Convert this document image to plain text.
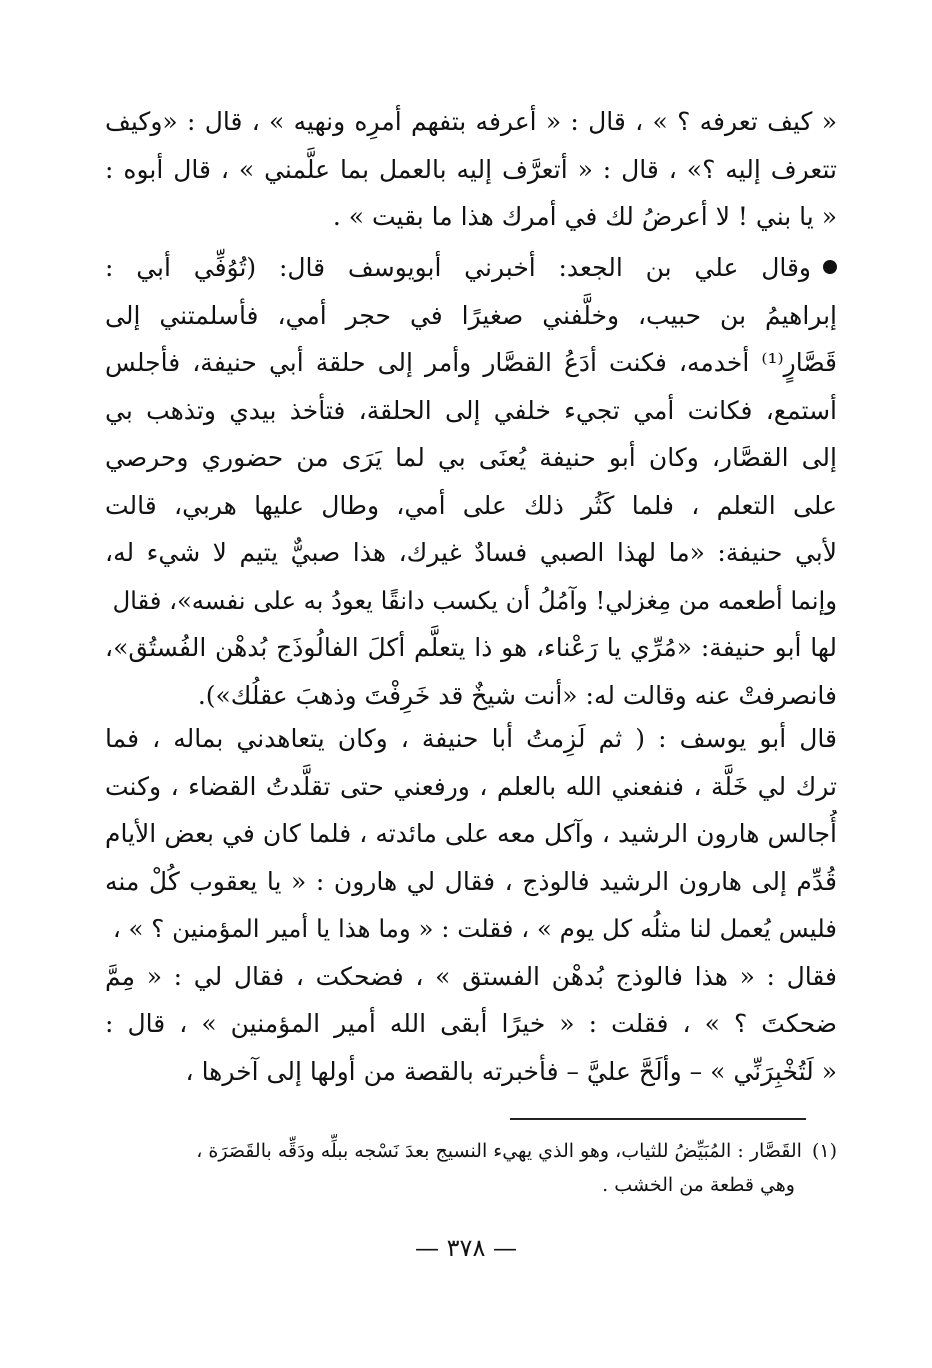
« كيف تعرفه ؟ » ، قال : « أعرفه بتفهم أمرِه ونهيه » ، قال : «وكيف
تتعرف إليه ؟» ، قال : « أتعرَّف إليه بالعمل بما علَّمني » ، قال أبوه :
« يا بني ! لا أعرضُ لك في أمرك هذا ما بقيت » .
وقال علي بن الجعد: أخبرني أبويوسف قال: (تُوُفِّي أبي :
إبراهيمُ بن حبيب، وخلَّفني صغيرًا في حجر أمي، فأسلمتني إلى
قَصَّارٍ⁽¹⁾ أخدمه، فكنت أدَعُ القصَّار وأمر إلى حلقة أبي حنيفة، فأجلس
أستمع، فكانت أمي تجيء خلفي إلى الحلقة، فتأخذ بيدي وتذهب بي
إلى القصَّار، وكان أبو حنيفة يُعنَى بي لما يَرَى من حضوري وحرصي
على التعلم ، فلما كَثُر ذلك على أمي، وطال عليها هربي، قالت
لأبي حنيفة: «ما لهذا الصبي فسادٌ غيرك، هذا صبيٌّ يتيم لا شيء له،
وإنما أطعمه من مِغزلي! وآمُلُ أن يكسب دانقًا يعودُ به على نفسه»، فقال
لها أبو حنيفة: «مُرِّي يا رَعْناء، هو ذا يتعلَّم أكلَ الفالُوذَج بُدهْن الفُستُق»،
فانصرفتْ عنه وقالت له: «أنت شيخٌ قد خَرِفْتَ وذهبَ عقلُك»).
قال أبو يوسف : ( ثم لَزِمتُ أبا حنيفة ، وكان يتعاهدني بماله ، فما
ترك لي خَلَّة ، فنفعني الله بالعلم ، ورفعني حتى تقلَّدتُ القضاء ، وكنت
أُجالس هارون الرشيد ، وآكل معه على مائدته ، فلما كان في بعض الأيام
قُدِّم إلى هارون الرشيد فالوذج ، فقال لي هارون : « يا يعقوب كُلْ منه
فليس يُعمل لنا مثلُه كل يوم » ، فقلت : « وما هذا يا أمير المؤمنين ؟ » ،
فقال : « هذا فالوذج بُدهْن الفستق » ، فضحكت ، فقال لي : « مِمَّ
ضحكتَ ؟ » ، فقلت : « خيرًا أبقى الله أمير المؤمنين » ، قال :
« لَتُخْبِرَنِّي » – وألَحَّ عليَّ – فأخبرته بالقصة من أولها إلى آخرها ،
(١)القَصَّار : المُبَيِّضُ للثياب، وهو الذي يهيء النسيج بعدَ نَسْجه ببلِّه ودَقِّه بالقَصَرَة ،
وهي قطعة من الخشب .
— ٣٧٨ —
